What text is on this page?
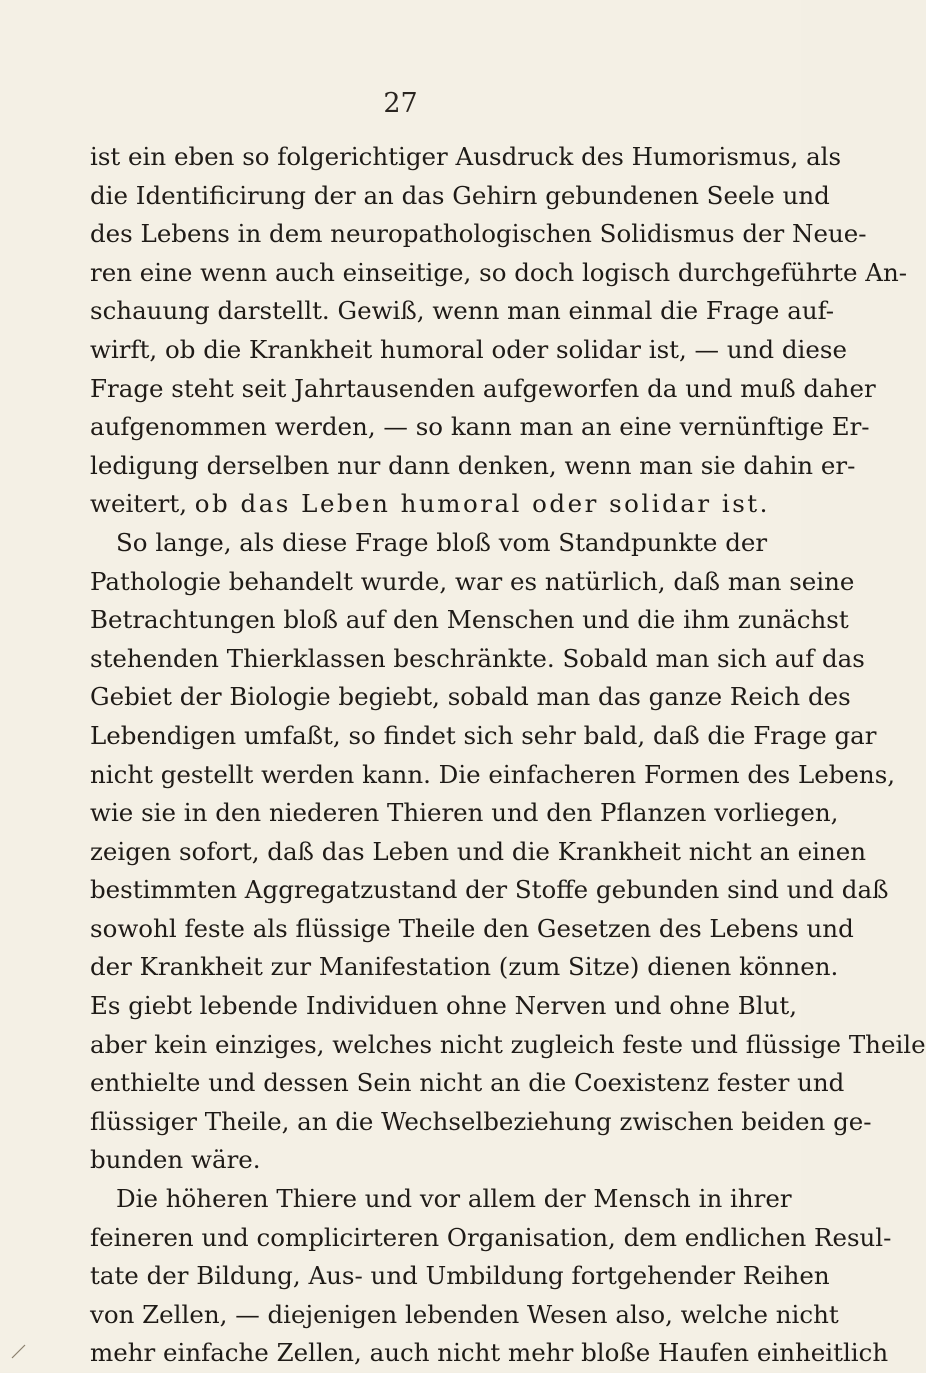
27
ist ein eben so folgerichtiger Ausdruck des Humorismus, als
die Identificirung der an das Gehirn gebundenen Seele und
des Lebens in dem neuropathologischen Solidismus der Neue-
ren eine wenn auch einseitige, so doch logisch durchgeführte An-
schauung darstellt. Gewiß, wenn man einmal die Frage auf-
wirft, ob die Krankheit humoral oder solidar ist, — und diese
Frage steht seit Jahrtausenden aufgeworfen da und muß daher
aufgenommen werden, — so kann man an eine vernünftige Er-
ledigung derselben nur dann denken, wenn man sie dahin er-
weitert, ob das Leben humoral oder solidar ist.
So lange, als diese Frage bloß vom Standpunkte der
Pathologie behandelt wurde, war es natürlich, daß man seine
Betrachtungen bloß auf den Menschen und die ihm zunächst
stehenden Thierklassen beschränkte. Sobald man sich auf das
Gebiet der Biologie begiebt, sobald man das ganze Reich des
Lebendigen umfaßt, so findet sich sehr bald, daß die Frage gar
nicht gestellt werden kann. Die einfacheren Formen des Lebens,
wie sie in den niederen Thieren und den Pflanzen vorliegen,
zeigen sofort, daß das Leben und die Krankheit nicht an einen
bestimmten Aggregatzustand der Stoffe gebunden sind und daß
sowohl feste als flüssige Theile den Gesetzen des Lebens und
der Krankheit zur Manifestation (zum Sitze) dienen können.
Es giebt lebende Individuen ohne Nerven und ohne Blut,
aber kein einziges, welches nicht zugleich feste und flüssige Theile
enthielte und dessen Sein nicht an die Coexistenz fester und
flüssiger Theile, an die Wechselbeziehung zwischen beiden ge-
bunden wäre.
Die höheren Thiere und vor allem der Mensch in ihrer
feineren und complicirteren Organisation, dem endlichen Resul-
tate der Bildung, Aus- und Umbildung fortgehender Reihen
von Zellen, — diejenigen lebenden Wesen also, welche nicht
mehr einfache Zellen, auch nicht mehr bloße Haufen einheitlich
